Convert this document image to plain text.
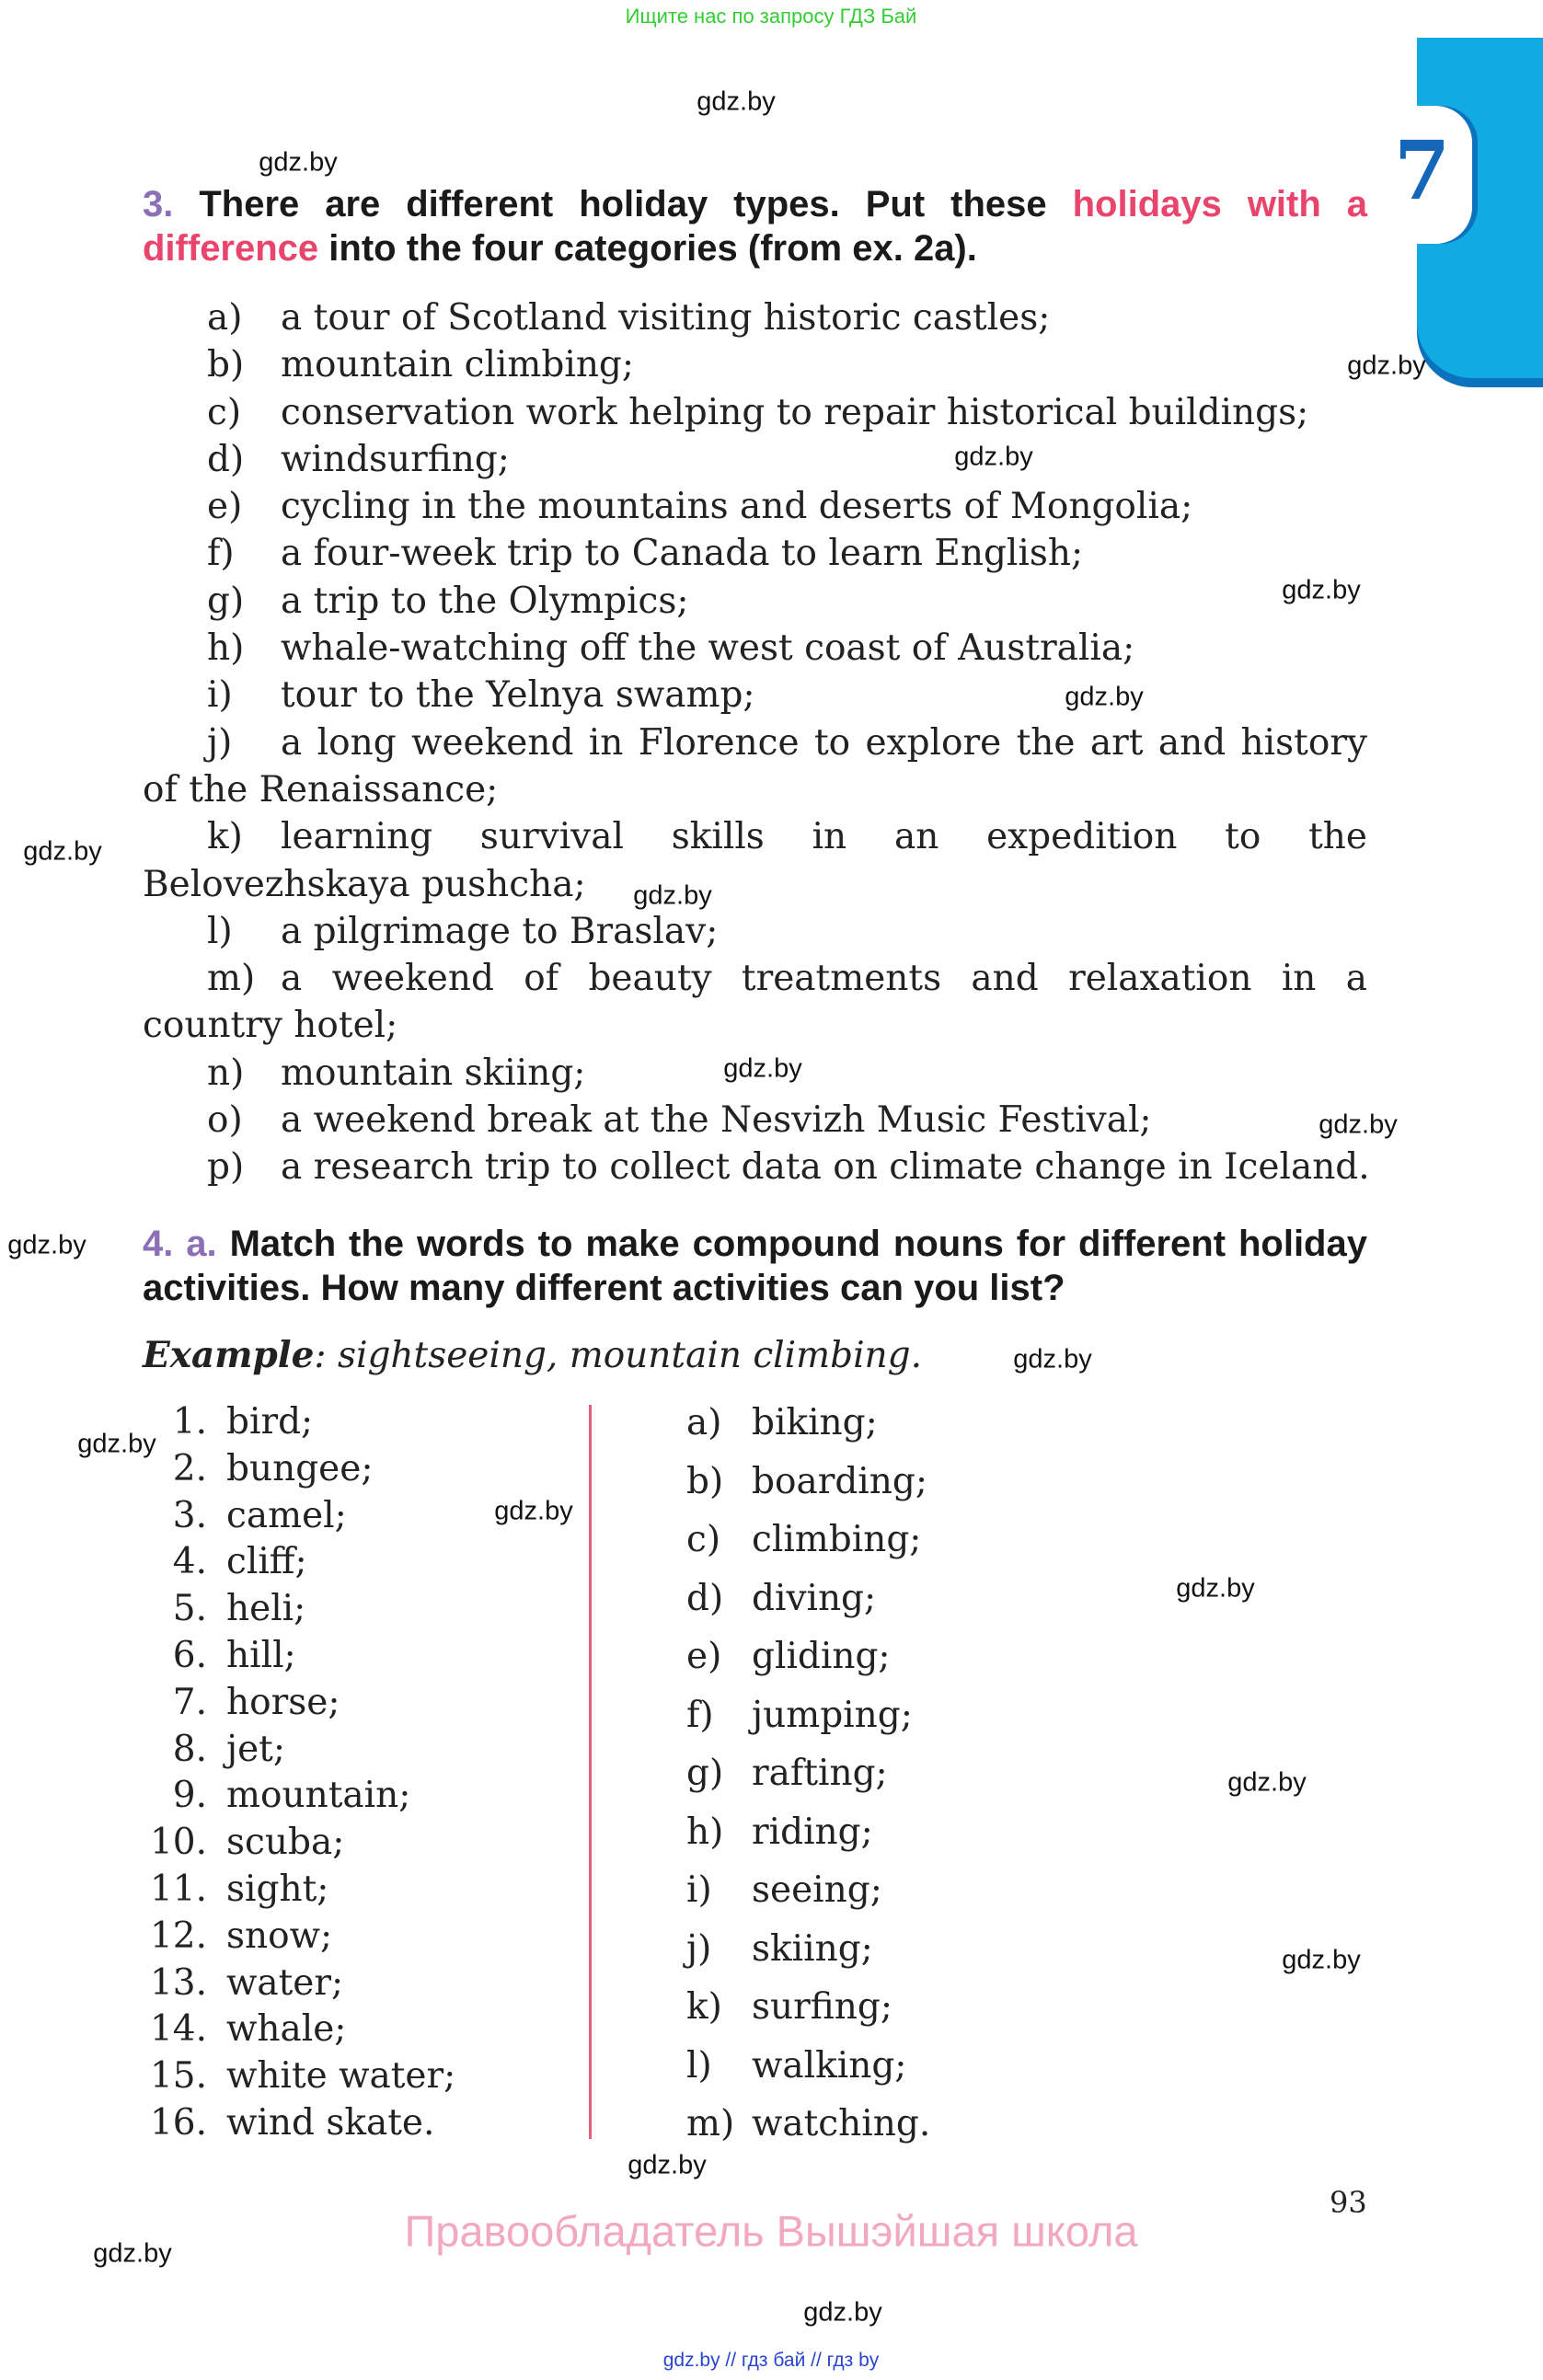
Ищите нас по запросу ГДЗ Бай
7
gdz.by
gdz.by
gdz.by
gdz.by
gdz.by
gdz.by
gdz.by
gdz.by
gdz.by
gdz.by
gdz.by
gdz.by
gdz.by
gdz.by
gdz.by
gdz.by
gdz.by
gdz.by
gdz.by
gdz.by
3. There are different holiday types. Put these holidays with a difference into the four categories (from ex. 2a).

a) a tour of Scotland visiting historic castles;

b) mountain climbing;

c) conservation work helping to repair historical buildings;

d) windsurfing;

e) cycling in the mountains and deserts of Mongolia;

f) a four-week trip to Canada to learn English;

g) a trip to the Olympics;

h) whale-watching off the west coast of Australia;

i) tour to the Yelnya swamp;

j) a long weekend in Florence to explore the art and history of the Renaissance;

k) learning survival skills in an expedition to the Belovezhskaya pushcha;

l) a pilgrimage to Braslav;

m) a weekend of beauty treatments and relaxation in a country hotel;

n) mountain skiing;

o) a weekend break at the Nesvizh Music Festival;

p) a research trip to collect data on climate change in Iceland.

4. a. Match the words to make compound nouns for different holiday activities. How many different activities can you list?
Example: sightseeing, mountain climbing.
1. bird;
2. bungee;
3. camel;
4. cliff;
5. heli;
6. hill;
7. horse;
8. jet;
9. mountain;
10. scuba;
11. sight;
12. snow;
13. water;
14. whale;
15. white water;
16. wind skate.
a) biking;
b) boarding;
c) climbing;
d) diving;
e) gliding;
f) jumping;
g) rafting;
h) riding;
i) seeing;
j) skiing;
k) surfing;
l) walking;
m) watching.
93
Правообладатель Вышэйшая школа
gdz.by // гдз бай // гдз by
